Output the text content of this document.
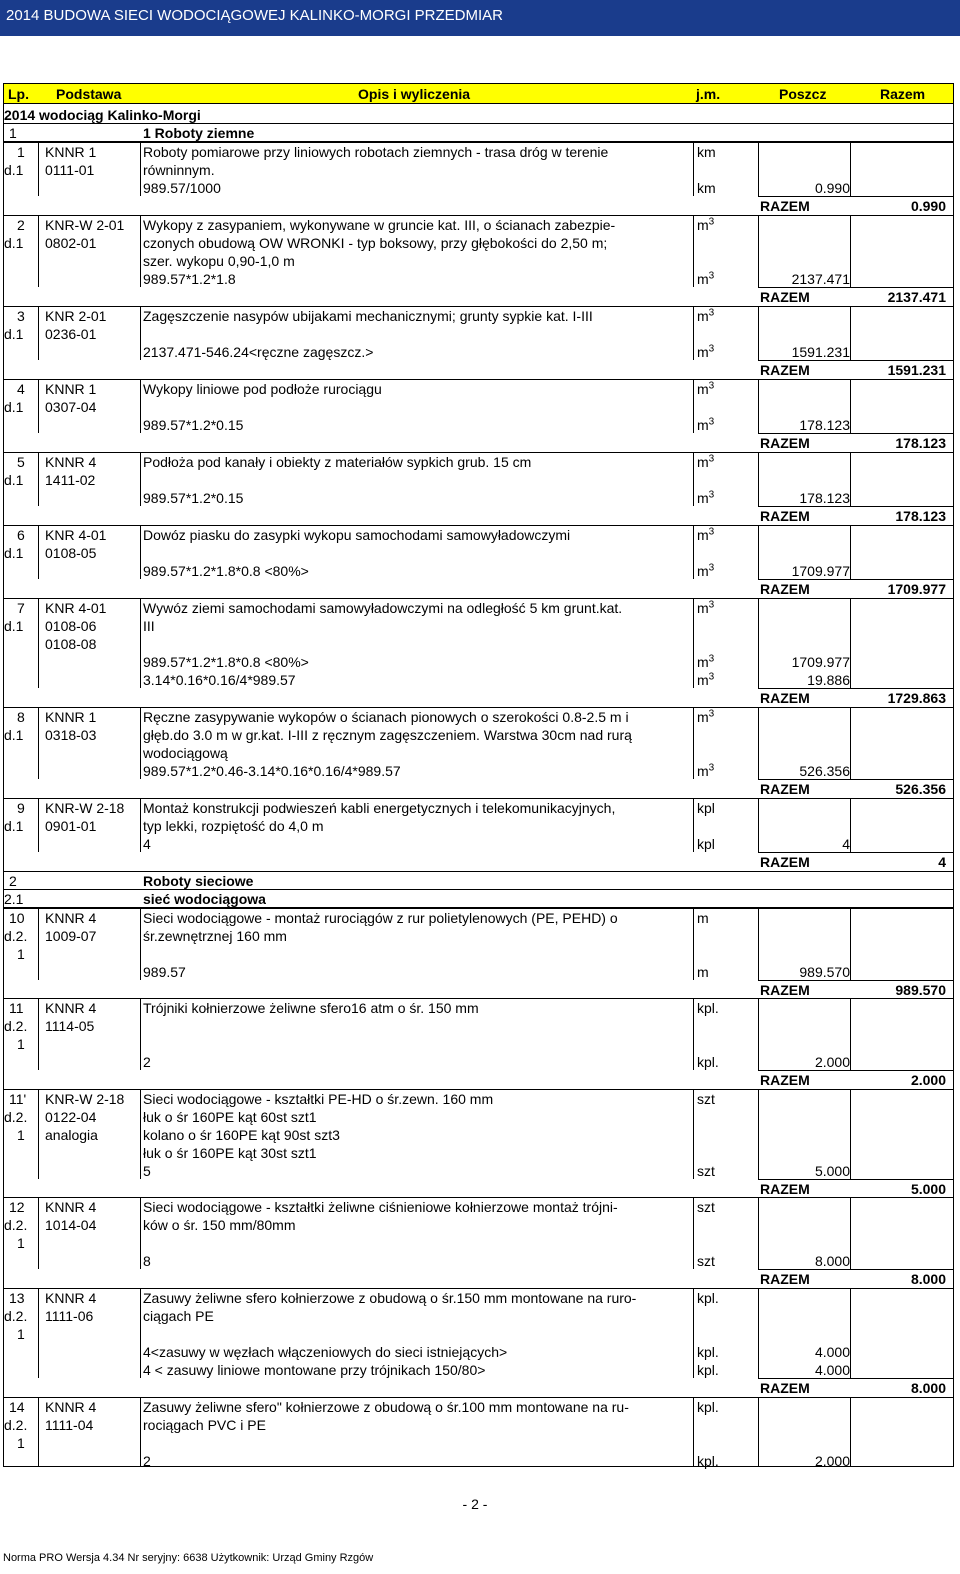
2014 BUDOWA SIECI WODOCIĄGOWEJ KALINKO-MORGI PRZEDMIAR
Lp. Podstawa	Opis i wyliczenia	j.m.	Poszcz	Razem
2014 wodociąg Kalinko-Morgi
1	1 Roboty ziemne
1	KNNR 1	Roboty pomiarowe przy liniowych robotach ziemnych - trasa dróg w terenie	km
d.1	0111-01	równinnym.
989.57/1000	km	0.990
RAZEM	0.990
2	KNR-W 2-01	Wykopy z zasypaniem, wykonywane w gruncie kat. III, o ścianach zabezpie-	$m^3$
d.1	0802-01	czonych obudową OW WRONKI - typ boksowy, przy głębokości do 2,50 m;
szer. wykopu 0,90-1,0 m
989.57*1.2*1.8	$m^3$	2137.471
RAZEM	2137.471
3	KNR 2-01	Zagęszczenie nasypów ubijakami mechanicznymi; grunty sypkie kat. I-III	$m^3$
d.1	0236-01
2137.471-546.24<ręczne zagęszcz.>	$m^3$	1591.231
RAZEM	1591.231
4	KNNR 1	Wykopy liniowe pod podłoże rurociągu	$m^3$
d.1	0307-04
989.57*1.2*0.15	$m^3$	178.123
RAZEM	178.123
5	KNNR 4	Podłoża pod kanały i obiekty z materiałów sypkich grub. 15 cm	$m^3$
d.1	1411-02
989.57*1.2*0.15	$m^3$	178.123
RAZEM	178.123
6	KNR 4-01	Dowóz piasku do zasypki wykopu samochodami samowyładowczymi	$m^3$
d.1	0108-05
989.57*1.2*1.8*0.8 <80%>	$m^3$	1709.977
RAZEM	1709.977
7	KNR 4-01	Wywóz ziemi samochodami samowyładowczymi na odległość 5 km grunt.kat.	$m^3$
d.1	0108-06	III
0108-08
989.57*1.2*1.8*0.8 <80%>	$m^3$	1709.977
3.14*0.16*0.16/4*989.57	$m^3$	19.886
RAZEM	1729.863
8	KNNR 1	Ręczne zasypywanie wykopów o ścianach pionowych o szerokości 0.8-2.5 m i	$m^3$
d.1	0318-03	głęb.do 3.0 m w gr.kat. I-III z ręcznym zagęszczeniem. Warstwa 30cm nad rurą
wodociągową
989.57*1.2*0.46-3.14*0.16*0.16/4*989.57	$m^3$	526.356
RAZEM	526.356
9	KNR-W 2-18	Montaż konstrukcji podwieszeń kabli energetycznych i telekomunikacyjnych,	kpl
d.1	0901-01	typ lekki, rozpiętość do 4,0 m
4	kpl	4
RAZEM	4
2	Roboty sieciowe
2.1	sieć wodociągowa
10	KNNR 4	Sieci wodociągowe - montaż rurociągów z rur polietylenowych (PE, PEHD) o	m
d.2.	1009-07	śr.zewnętrznej 160 mm
1
989.57	m	989.570
RAZEM	989.570
11	KNNR 4	Trójniki kołnierzowe żeliwne sfero16 atm o śr. 150 mm	kpl.
d.2.	1114-05
1
2	kpl.	2.000
RAZEM	2.000
11'	KNR-W 2-18	Sieci wodociągowe - kształtki PE-HD o śr.zewn. 160 mm	szt
d.2.	0122-04	łuk o śr 160PE kąt 60st szt1
1	analogia	kolano o śr 160PE kąt 90st szt3
łuk o śr 160PE kąt 30st szt1
5	szt	5.000
RAZEM	5.000
12	KNNR 4	Sieci wodociągowe - kształtki żeliwne ciśnieniowe kołnierzowe montaż trójni-	szt
d.2.	1014-04	ków o śr. 150 mm/80mm
1
8	szt	8.000
RAZEM	8.000
13	KNNR 4	Zasuwy żeliwne sfero kołnierzowe z obudową o śr.150 mm montowane na ruro-	kpl.
d.2.	1111-06	ciągach PE
1
4<zasuwy w węzłach włączeniowych do sieci istniejących>	kpl.	4.000
4 < zasuwy liniowe montowane przy trójnikach 150/80>	kpl.	4.000
RAZEM	8.000
14	KNNR 4	Zasuwy żeliwne sfero" kołnierzowe z obudową o śr.100 mm montowane na ru-	kpl.
d.2.	1111-04	rociągach PVC i PE
1
2	kpl.	2.000
- 2 -
Norma PRO Wersja 4.34 Nr seryjny: 6638 Użytkownik: Urząd Gminy Rzgów
